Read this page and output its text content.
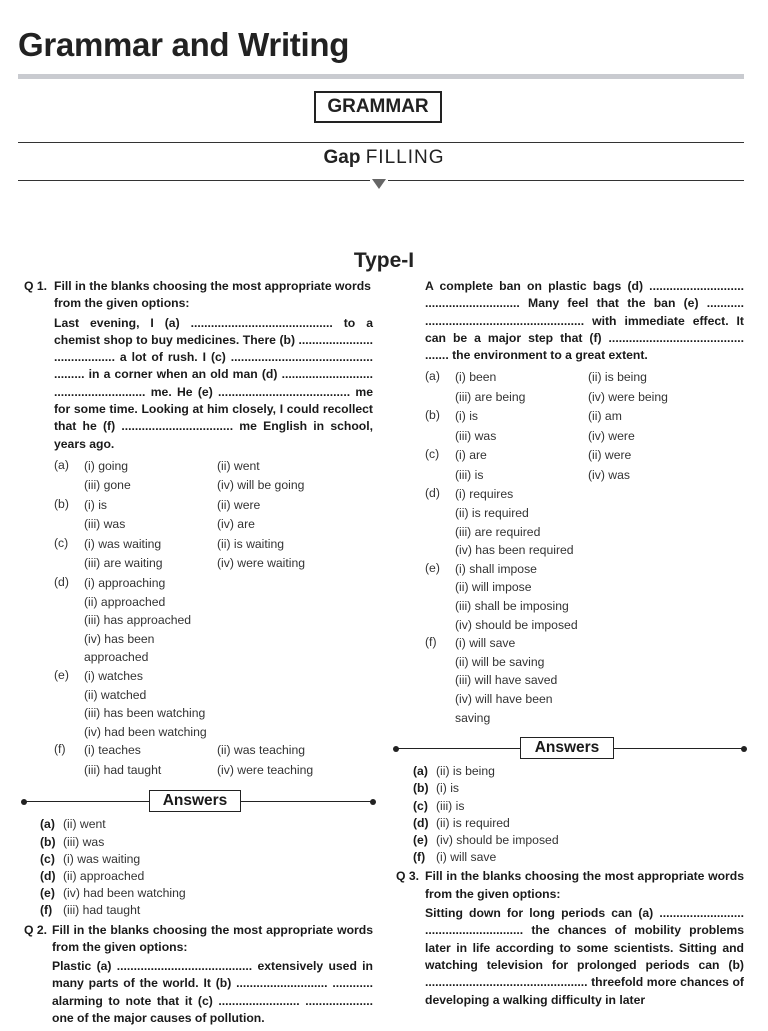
Grammar and Writing
GRAMMAR
Gap FILLING
Type-I
Q 1. Fill in the blanks choosing the most appropriate words from the given options:

Last evening, I (a) .......................................... to a chemist shop to buy medicines. There (b) ...................... .................. a lot of rush. I (c) .......................................... ......... in a corner when an old man (d) ........................... ........................... me. He (e) ....................................... me for some time. Looking at him closely, I could recollect that he (f) ................................. me English in school, years ago.

(a)	(i) going	(ii) went
(iii) gone	(iv) will be going
(b)	(i) is	(ii) were
(iii) was	(iv) are
(c)	(i) was waiting	(ii) is waiting
(iii) are waiting	(iv) were waiting
(d)	(i) approaching
(ii) approached
(iii) has approached
(iv) has been approached
(e)	(i) watches
(ii) watched
(iii) has been watching
(iv) had been watching
(f)	(i) teaches	(ii) was teaching
(iii) had taught	(iv) were teaching
Answers
(a) (ii) went
(b) (iii) was
(c) (i) was waiting
(d) (ii) approached
(e) (iv) had been watching
(f) (iii) had taught
Q 2. Fill in the blanks choosing the most appropriate words from the given options:

Plastic (a) ........................................ extensively used in many parts of the world. It (b) ........................... ............ alarming to note that it (c) ........................ .................... one of the major causes of pollution.

A complete ban on plastic bags (d) ............................ ............................ Many feel that the ban (e) ........... ............................................... with immediate effect. It can be a major step that (f) ........................................ ....... the environment to a great extent.

(a)	(i) been	(ii) is being
(iii) are being	(iv) were being
(b)	(i) is	(ii) am
(iii) was	(iv) were
(c)	(i) are	(ii) were
(iii) is	(iv) was
(d)	(i) requires
(ii) is required
(iii) are required
(iv) has been required
(e)	(i) shall impose
(ii) will impose
(iii) shall be imposing
(iv) should be imposed
(f)	(i) will save
(ii) will be saving
(iii) will have saved
(iv) will have been saving
Answers
(a) (ii) is being
(b) (i) is
(c) (iii) is
(d) (ii) is required
(e) (iv) should be imposed
(f) (i) will save
Q 3. Fill in the blanks choosing the most appropriate words from the given options:

Sitting down for long periods can (a) ......................... ............................. the chances of mobility problems later in life according to some scientists. Sitting and watching television for prolonged periods can (b) ................................................ threefold more chances of developing a walking difficulty in later
